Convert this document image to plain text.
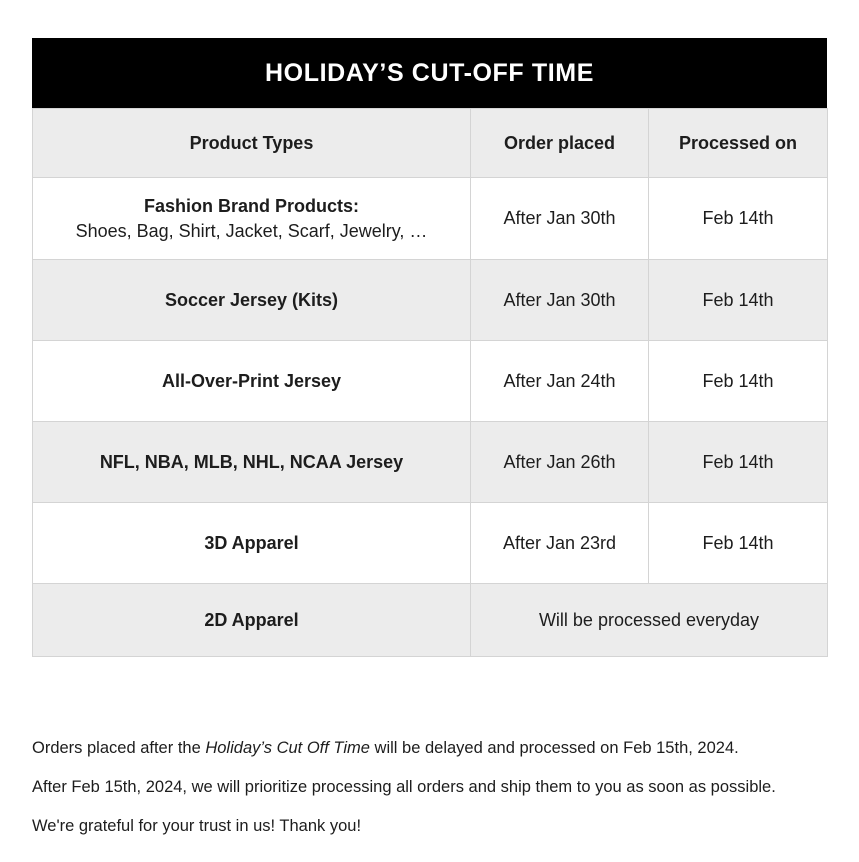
HOLIDAY’S CUT-OFF TIME
Product Types	Order placed	Processed on
Fashion Brand Products:
Shoes, Bag, Shirt, Jacket, Scarf, Jewelry, …	After Jan 30th	Feb 14th
Soccer Jersey (Kits)	After Jan 30th	Feb 14th
All-Over-Print Jersey	After Jan 24th	Feb 14th
NFL, NBA, MLB, NHL, NCAA Jersey	After Jan 26th	Feb 14th
3D Apparel	After Jan 23rd	Feb 14th
2D Apparel	Will be processed everyday	

Orders placed after the Holiday’s Cut Off Time will be delayed and processed on Feb 15th, 2024.

After Feb 15th, 2024, we will prioritize processing all orders and ship them to you as soon as possible.

We're grateful for your trust in us! Thank you!
